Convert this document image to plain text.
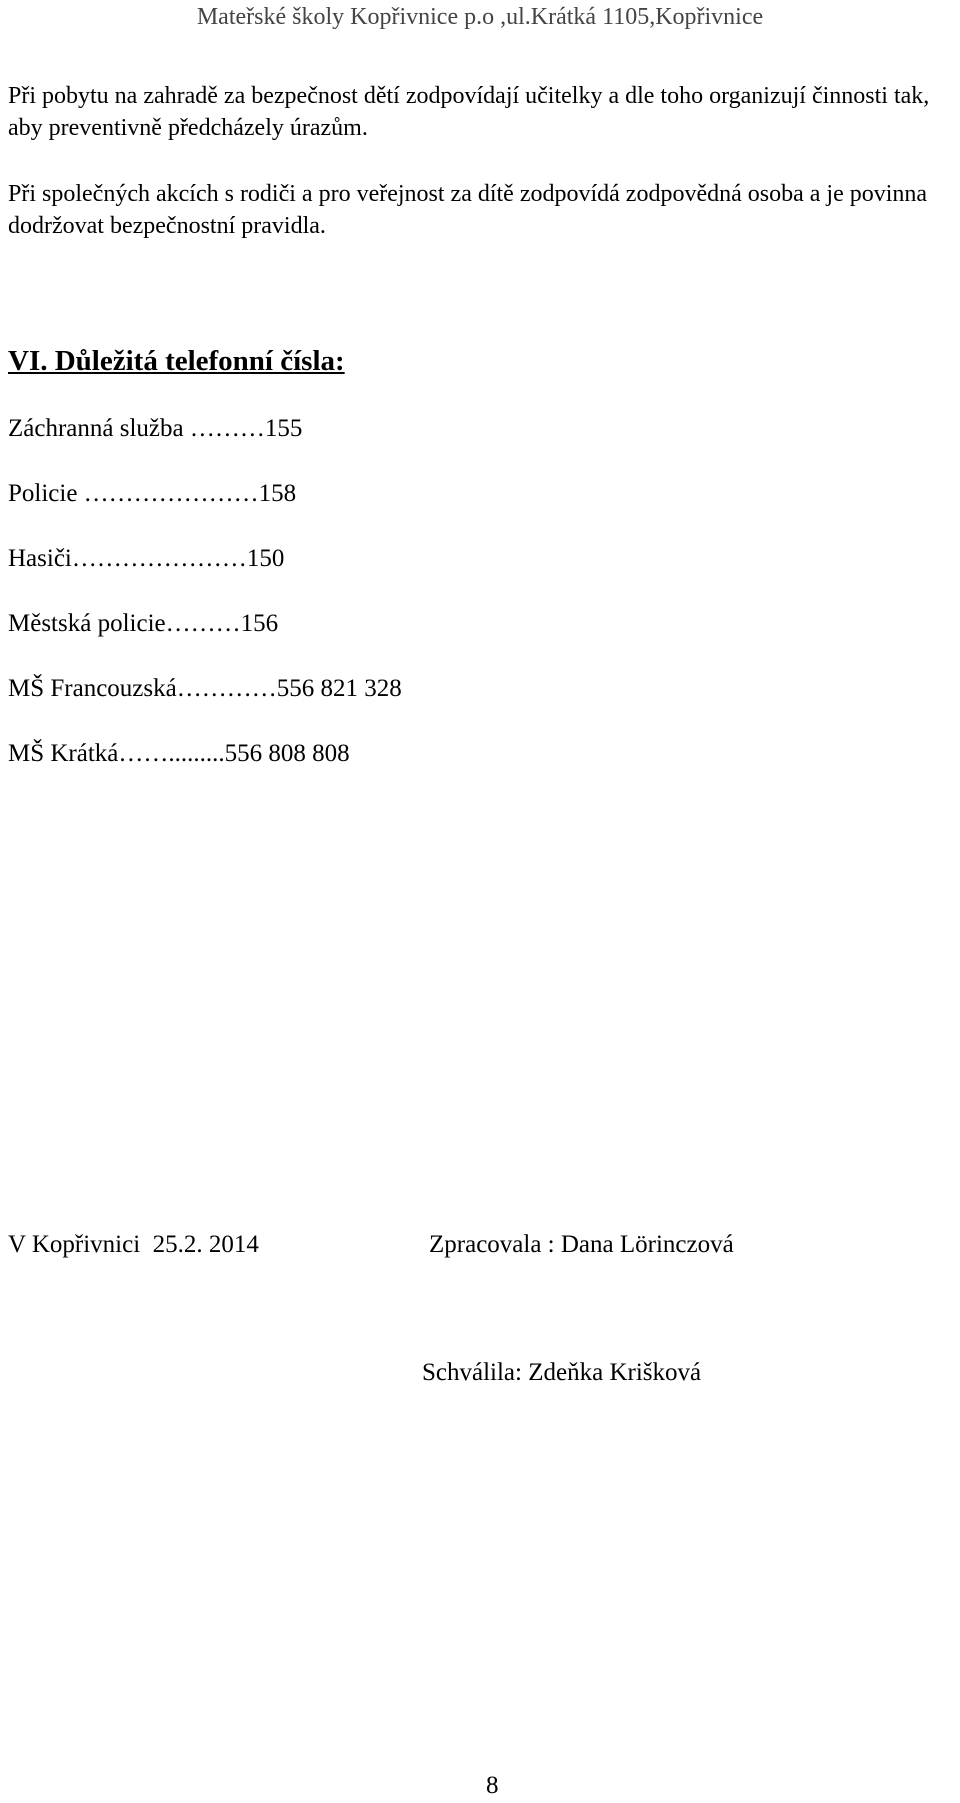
Mateřské školy Kopřivnice p.o ,ul.Krátká 1105,Kopřivnice

Při pobytu na zahradě za bezpečnost dětí zodpovídají učitelky a dle toho organizují činnosti tak, aby preventivně předcházely úrazům.

Při společných akcích s rodiči a pro veřejnost za dítě zodpovídá zodpovědná osoba a je povinna dodržovat bezpečnostní pravidla.

VI. Důležitá telefonní čísla:
Záchranná služba ………155
Policie …………………158
Hasiči…………………150
Městská policie………156
MŠ Francouzská…………556 821 328
MŠ Krátká…….........556 808 808
V Kopřivnici  25.2. 2014	Zpracovala : Dana Lörinczová
Schválila: Zdeňka Krišková
8
